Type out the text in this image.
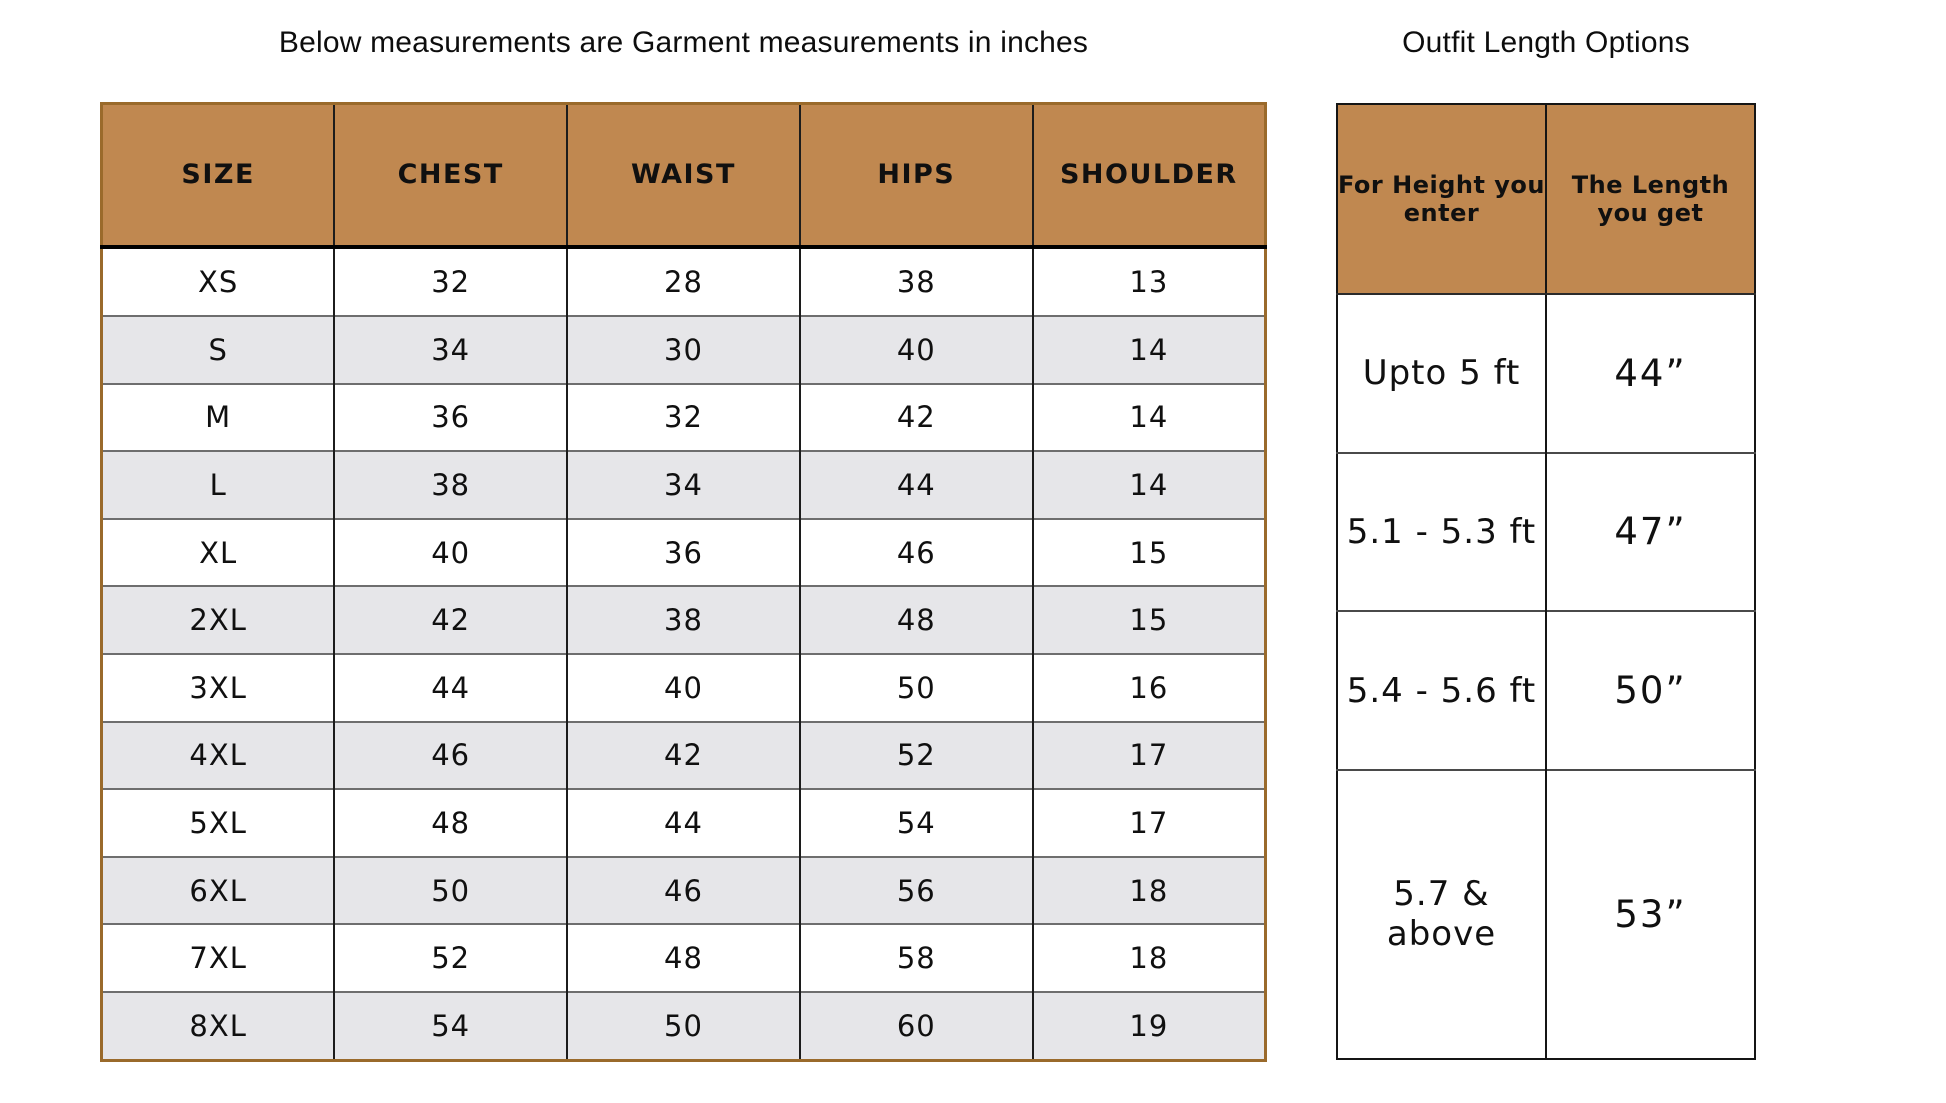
Below measurements are Garment measurements in inches
SIZE	CHEST	WAIST	HIPS	SHOULDER
XS	32	28	38	13
S	34	30	40	14
M	36	32	42	14
L	38	34	44	14
XL	40	36	46	15
2XL	42	38	48	15
3XL	44	40	50	16
4XL	46	42	52	17
5XL	48	44	54	17
6XL	50	46	56	18
7XL	52	48	58	18
8XL	54	50	60	19
Outfit Length Options
For Height you enter	The Length you get
Upto 5 ft	44”
5.1 - 5.3 ft	47”
5.4 - 5.6 ft	50”
5.7 & above	53”
